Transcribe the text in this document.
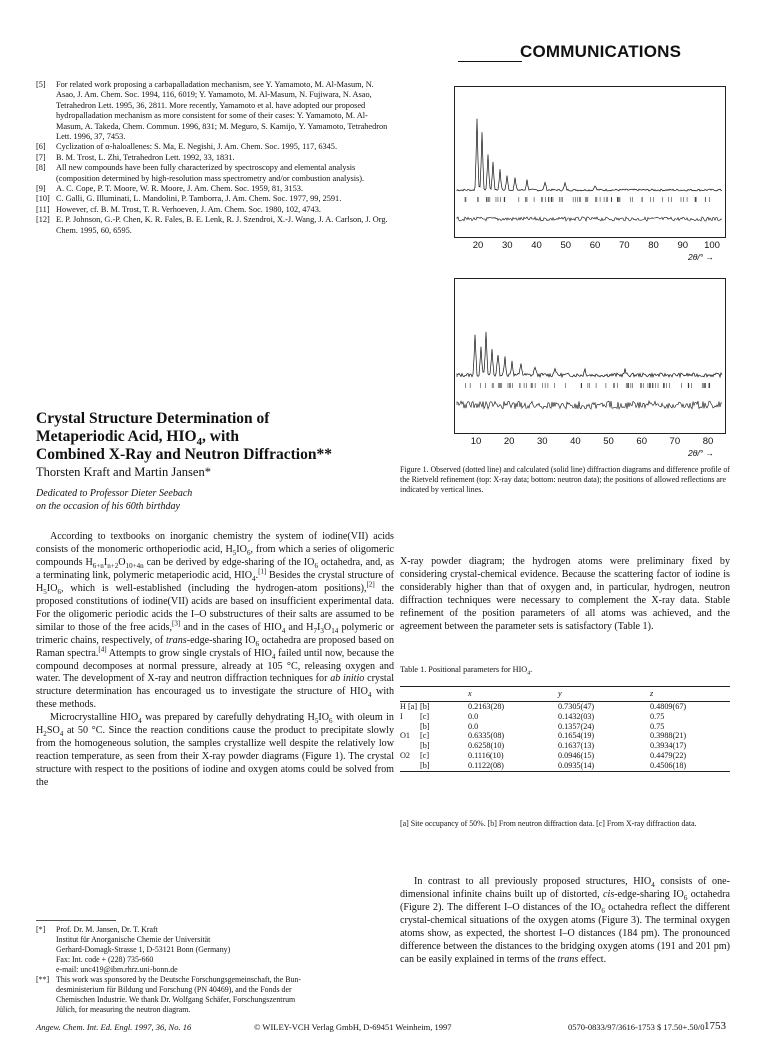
COMMUNICATIONS
[5] For related work proposing a carbapalladation mechanism, see Y. Yamamoto, M. Al-Masum, N. Asao, J. Am. Chem. Soc. 1994, 116, 6019; Y. Yamamoto, M. Al-Masum, N. Fujiwara, N. Asao, Tetrahedron Lett. 1995, 36, 2811. More recently, Yamamoto et al. have adopted our proposed hydropalladation mechanism as more consistent for some of their cases: Y. Yamamoto, M. Al-Masum, A. Takeda, Chem. Commun. 1996, 831; M. Meguro, S. Kamijo, Y. Yamamoto, Tetrahedron Lett. 1996, 37, 7453.
[6] Cyclization of α-haloallenes: S. Ma, E. Negishi, J. Am. Chem. Soc. 1995, 117, 6345.
[7] B. M. Trost, L. Zhi, Tetrahedron Lett. 1992, 33, 1831.
[8] All new compounds have been fully characterized by spectroscopy and elemental analysis (composition determined by high-resolution mass spectrometry and/or combustion analysis).
[9] A. C. Cope, P. T. Moore, W. R. Moore, J. Am. Chem. Soc. 1959, 81, 3153.
[10] C. Galli, G. Illuminati, L. Mandolini, P. Tamborra, J. Am. Chem. Soc. 1977, 99, 2591.
[11] However, cf. B. M. Trost, T. R. Verhoeven, J. Am. Chem. Soc. 1980, 102, 4743.
[12] E. P. Johnson, G.-P. Chen, K. R. Fales, B. E. Lenk, R. J. Szendroi, X.-J. Wang, J. A. Carlson, J. Org. Chem. 1995, 60, 6595.
Crystal Structure Determination of
Metaperiodic Acid, $HIO_4$, with
Combined X-Ray and Neutron Diffraction**
Thorsten Kraft and Martin Jansen*
Dedicated to Professor Dieter Seebach
on the occasion of his 60th birthday

According to textbooks on inorganic chemistry the system of iodine(VII) acids consists of the monomeric orthoperiodic acid, $H_5IO_6$, from which a series of oligomeric compounds $H_{6+n}I_{n+2}O_{10+4n}$ can be derived by edge-sharing of the $IO_6$ octahedra, and, as a terminating link, polymeric metaperiodic acid, $HIO_4.[1]$ Besides the crystal structure of $H_5IO_6$, which is well-established (including the hydrogen-atom positions),[2] the proposed constitutions of iodine(VII) acids are based on insufficient experimental data. For the oligomeric periodic acids the I–O substructures of their salts are assumed to be similar to those of the free acids,[3] and in the cases of $HIO_4$ and $H_7I_3O_{14}$ polymeric or trimeric chains, respectively, of trans-edge-sharing $IO_6$ octahedra are proposed based on Raman spectra.[4] Attempts to grow single crystals of $HIO_4$ failed until now, because the compound decomposes at normal pressure, already at 105 °C, releasing oxygen and water. The development of X-ray and neutron diffraction techniques for ab initio crystal structure determination has encouraged us to investigate the structure of $HIO_4$ with these methods.

Microcrystalline $HIO_4$ was prepared by carefully dehydrating $H_5IO_6$ with oleum in $H_2SO_4$ at 50 °C. Since the reaction conditions cause the product to precipitate slowly from the homogeneous solution, the samples crystallize well despite the relatively low reaction temperature, as seen from their X-ray powder diagrams (Figure 1). The crystal structure with respect to the positions of iodine and oxygen atoms could be solved from the

[*] Prof. Dr. M. Jansen, Dr. T. Kraft
Institut für Anorganische Chemie der Universität
Gerhard-Domagk-Strasse 1, D-53121 Bonn (Germany)
Fax: Int. code + (228) 735-660
e-mail: unc419@ibm.rhrz.uni-bonn.de
[**] This work was sponsored by the Deutsche Forschungsgemeinschaft, the Bun-
desministerium für Bildung und Forschung (PN 40469), and the Fonds der
Chemischen Industrie. We thank Dr. Wolfgang Schäfer, Forschungszentrum
Jülich, for measuring the neutron diagram.
20 30 40 50 60 70 80 90 100
2θ/° →
10 20 30 40 50 60 70 80
2θ/° →
Figure 1. Observed (dotted line) and calculated (solid line) diffraction diagrams and difference profile of the Rietveld refinement (top: X-ray data; bottom: neutron data); the positions of allowed reflections are indicated by vertical lines.

X-ray powder diagram; the hydrogen atoms were preliminary fixed by considering crystal-chemical evidence. Because the scattering factor of iodine is considerably higher than that of oxygen and, in particular, hydrogen, neutron diffraction techniques were necessary to complement the X-ray data. Stable refinement of the position parameters of all atoms was achieved, and the agreement between the parameter sets is satisfactory (Table 1).

Table 1. Positional parameters for $HIO_4$.
		x	y	z
H [a]	[b]	0.2163(28)	0.7305(47)	0.4809(67)
I	[c]	0.0	0.1432(03)	0.75
	[b]	0.0	0.1357(24)	0.75
O1	[c]	0.6335(08)	0.1654(19)	0.3988(21)
	[b]	0.6258(10)	0.1637(13)	0.3934(17)
O2	[c]	0.1116(10)	0.0946(15)	0.4479(22)
	[b]	0.1122(08)	0.0935(14)	0.4506(18)
[a] Site occupancy of 50%. [b] From neutron diffraction data. [c] From X-ray diffraction data.

In contrast to all previously proposed structures, $HIO_4$ consists of one-dimensional infinite chains built up of distorted, cis-edge-sharing $IO_6$ octahedra (Figure 2). The different I–O distances of the $IO_6$ octahedra reflect the different crystal-chemical situations of the oxygen atoms (Figure 3). The terminal oxygen atoms show, as expected, the shortest I–O distances (184 pm). The pronounced difference between the distances to the bridging oxygen atoms (191 and 201 pm) can be easily explained in terms of the trans effect.

Angew. Chem. Int. Ed. Engl. 1997, 36, No. 16	© WILEY-VCH Verlag GmbH, D-69451 Weinheim, 1997	0570-0833/97/3616-1753 $ 17.50+.50/0 1753
